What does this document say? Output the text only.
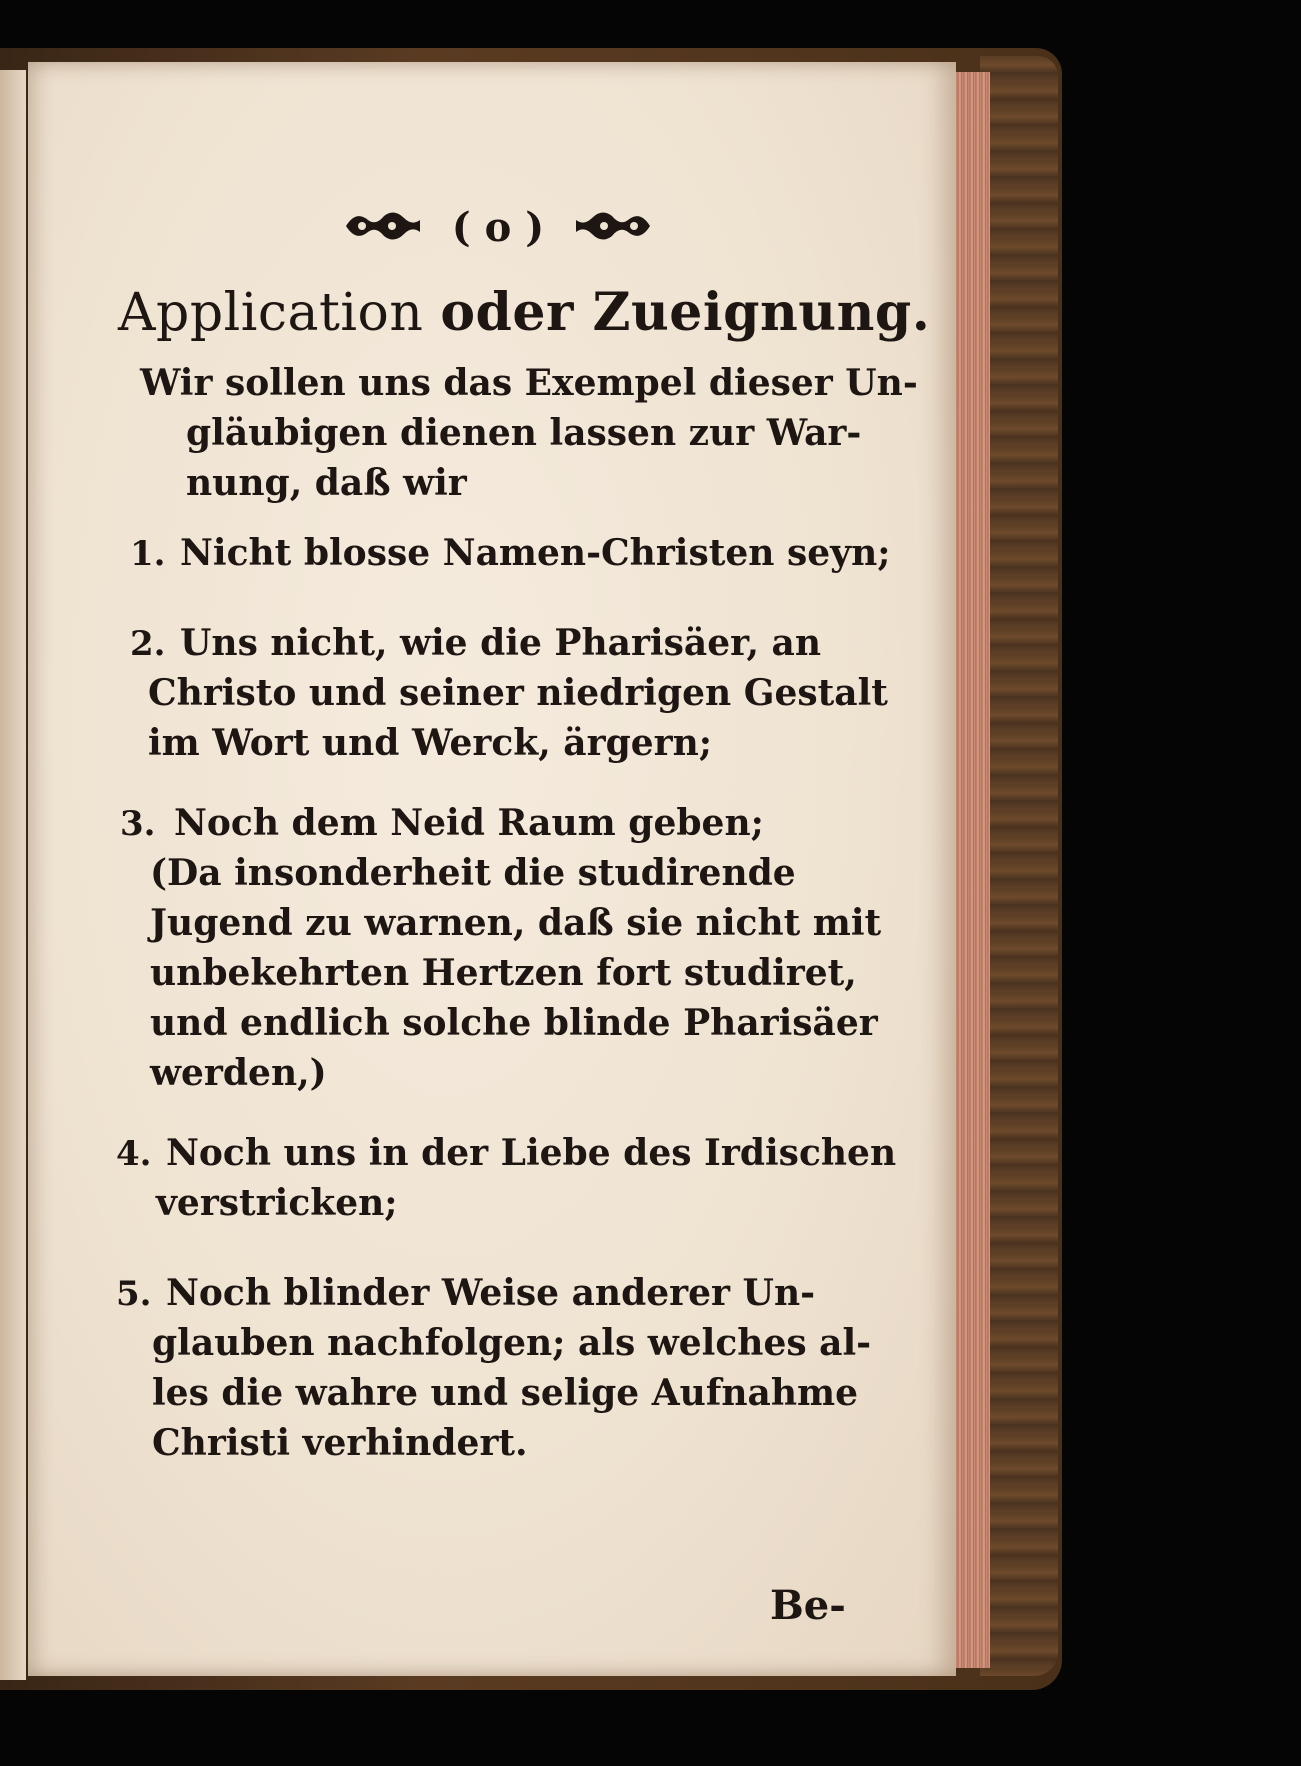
( o )
Application oder Zueignung.
Wir sollen uns das Exempel dieser Un-
gläubigen dienen lassen zur War-
nung, daß wir
1. Nicht blosse Namen-Christen seyn;
2. Uns nicht, wie die Pharisäer, an
Christo und seiner niedrigen Gestalt
im Wort und Werck, ärgern;
3. Noch dem Neid Raum geben;
(Da insonderheit die studirende
Jugend zu warnen, daß sie nicht mit
unbekehrten Hertzen fort studiret,
und endlich solche blinde Pharisäer
werden,)
4. Noch uns in der Liebe des Irdischen
verstricken;
5. Noch blinder Weise anderer Un-
glauben nachfolgen; als welches al-
les die wahre und selige Aufnahme
Christi verhindert.
Be-
